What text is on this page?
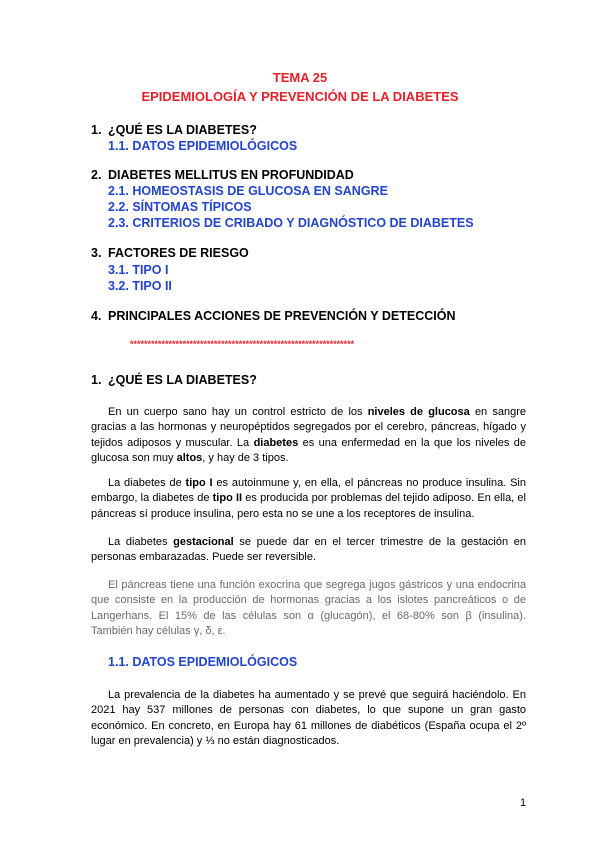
TEMA 25
EPIDEMIOLOGÍA Y PREVENCIÓN DE LA DIABETES
1. ¿QUÉ ES LA DIABETES?
1.1. DATOS EPIDEMIOLÓGICOS
2. DIABETES MELLITUS EN PROFUNDIDAD
2.1. HOMEOSTASIS DE GLUCOSA EN SANGRE
2.2. SÍNTOMAS TÍPICOS
2.3. CRITERIOS DE CRIBADO Y DIAGNÓSTICO DE DIABETES
3. FACTORES DE RIESGO
3.1. TIPO I
3.2. TIPO II
4. PRINCIPALES ACCIONES DE PREVENCIÓN Y DETECCIÓN
****************************************************************
1. ¿QUÉ ES LA DIABETES?

En un cuerpo sano hay un control estricto de los niveles de glucosa en sangre gracias a las hormonas y neuropéptidos segregados por el cerebro, páncreas, hígado y tejidos adiposos y muscular. La diabetes es una enfermedad en la que los niveles de glucosa son muy altos, y hay de 3 tipos.

La diabetes de tipo I es autoinmune y, en ella, el páncreas no produce insulina. Sin embargo, la diabetes de tipo II es producida por problemas del tejido adiposo. En ella, el páncreas sí produce insulina, pero esta no se une a los receptores de insulina.

La diabetes gestacional se puede dar en el tercer trimestre de la gestación en personas embarazadas. Puede ser reversible.

El páncreas tiene una función exocrina que segrega jugos gástricos y una endocrina que consiste en la producción de hormonas gracias a los islotes pancreáticos o de Langerhans. El 15% de las células son α (glucagón), el 68-80% son β (insulina). También hay células γ, δ, ε.

1.1. DATOS EPIDEMIOLÓGICOS

La prevalencia de la diabetes ha aumentado y se prevé que seguirá haciéndolo. En 2021 hay 537 millones de personas con diabetes, lo que supone un gran gasto económico. En concreto, en Europa hay 61 millones de diabéticos (España ocupa el 2º lugar en prevalencia) y ⅓ no están diagnosticados.

1
